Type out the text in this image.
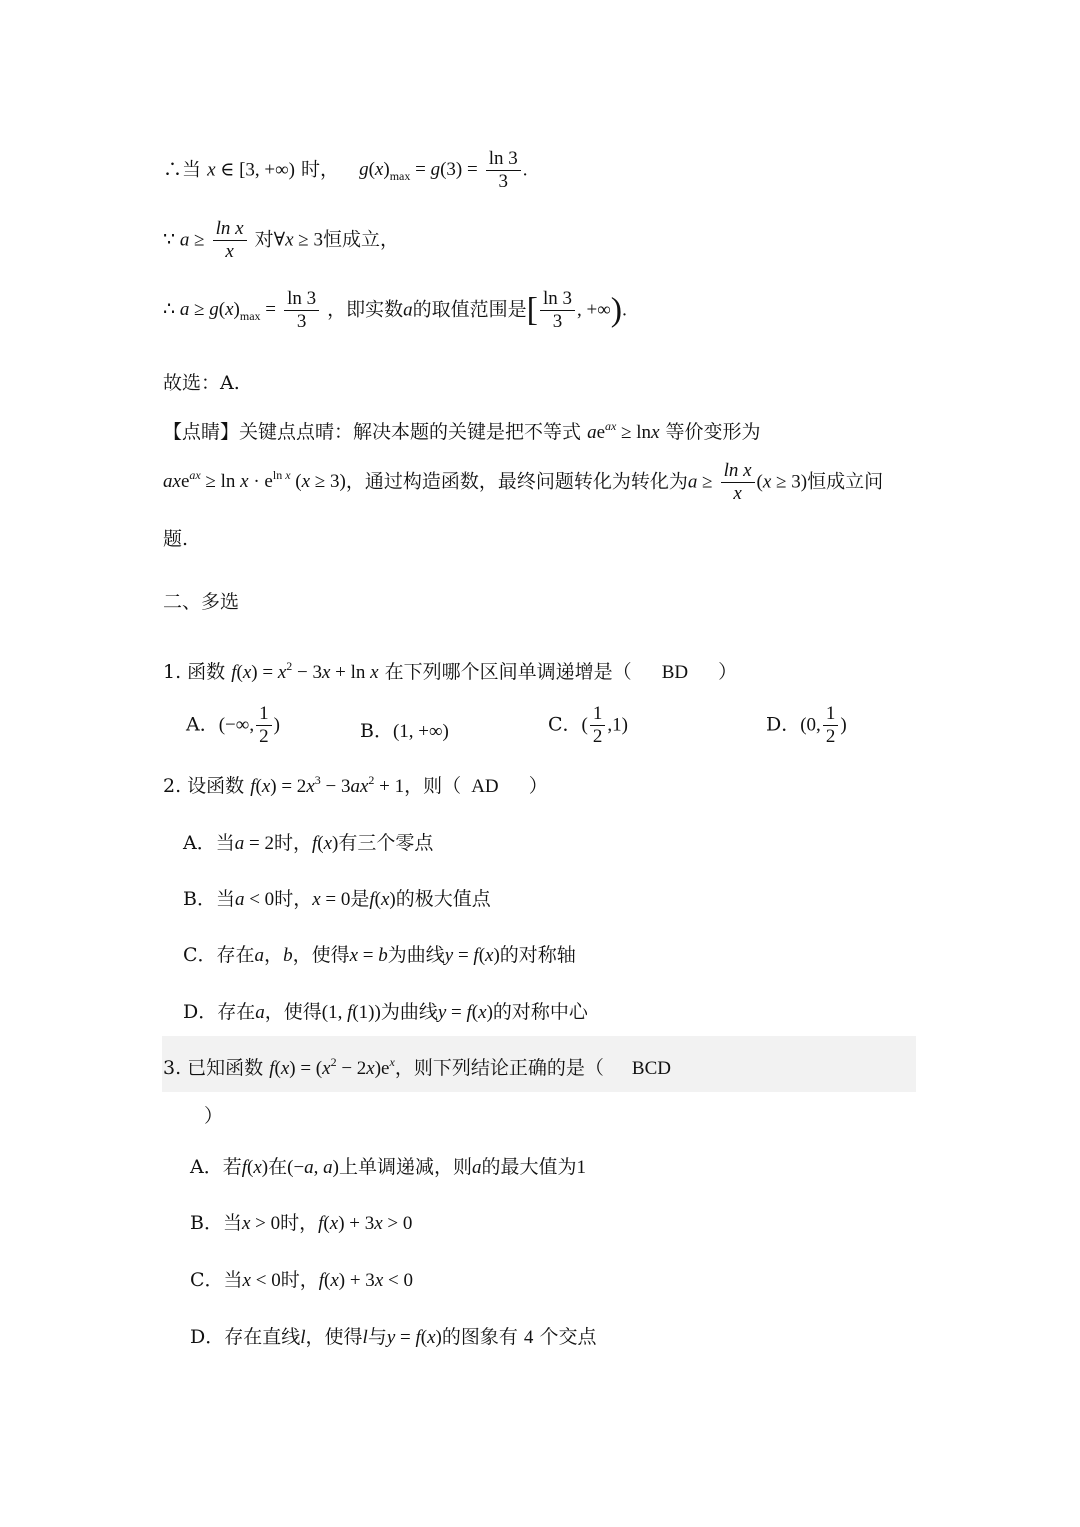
∴当 x ∈ [3, +∞) 时， $g(x)_{max} = g(3) = \frac{\ln 3}{3}$ .
∵ $a \ge \frac{\text{ln x}}{x}$ 对∀x ≥ 3恒成立，
∴ $a \ge g(x)_{max} = \frac{\ln 3}{3}$ ，即实数a的取值范围是[ $\frac{\ln 3}{3}$ , +∞).
故选：A.
【点睛】关键点点晴：解决本题的关键是把不等式 $ae^{ax} \ge \ln x$ 等价变形为
$axe^{ax} \ge \ln x \cdot e^{ln x}$ (x ≥ 3)，通过构造函数，最终问题转化为转化为$a \ge \frac{\text{ln x}}{x} (x \ge 3)$恒成立问
题.
二、多选
1. 函数 $f(x) = x^2 - 3x + \ln x$ 在下列哪个区间单调递增是（ BD ）
A．(−∞, $\frac{1}{2}$ )	B．(1, +∞)	C．( $\frac{1}{2} ,1$)	D．(0, $\frac{1}{2}$ )
2. 设函数 $f(x) = 2x^3 - 3ax^2 + 1$，则（ AD ）
A．当a = 2时，f(x)有三个零点
B．当a < 0时，x = 0是f(x)的极大值点
C．存在a，b，使得x = b为曲线y = f(x)的对称轴
D．存在a，使得(1, f(1))为曲线y = f(x)的对称中心
3. 已知函数 $f(x) = (x^2 - 2x)e^x$，则下列结论正确的是（ BCD
）
A．若f(x)在(−a, a)上单调递减，则a的最大值为1
B．当x > 0时，f(x) + 3x > 0
C．当x < 0时，f(x) + 3x < 0
D．存在直线l，使得l与y = f(x)的图象有 4 个交点
